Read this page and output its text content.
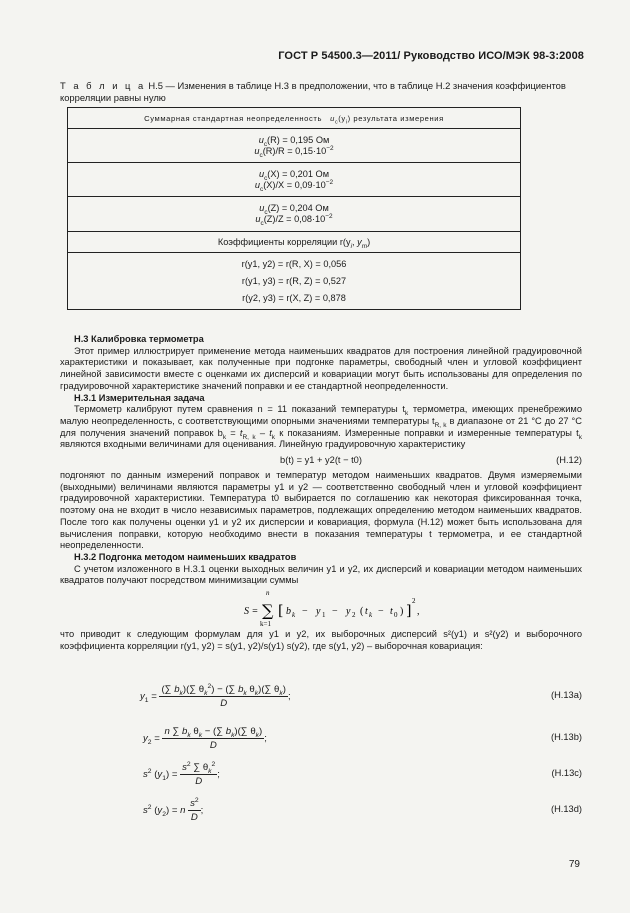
ГОСТ Р 54500.3—2011/ Руководство ИСО/МЭК 98-3:2008
Т а б л и ц а Н.5 — Изменения в таблице Н.3 в предположении, что в таблице Н.2 значения коэффициентов корреляции равны нулю
Суммарная стандартная неопределенность $u_c(y_i)$ результата измерения

$u_c(R) = 0,195$ Ом
$u_c(R)/R = 0,15\cdot 10^{-2}$

$u_c(X) = 0,201$ Ом
$u_c(X)/X = 0,09\cdot 10^{-2}$

$u_c(Z) = 0,204$ Ом
$u_c(Z)/Z = 0,08\cdot 10^{-2}$

Коэффициенты корреляции $r(y_i$, $y_m$)

r(y1, y2) = r(R, X) = 0,056
r(y1, y3) = r(R, Z) = 0,527
r(y2, y3) = r(X, Z) = 0,878
Н.3 Калибровка термометра

Этот пример иллюстрирует применение метода наименьших квадратов для построения линейной градуировочной характеристики и показывает, как полученные при подгонке параметры, свободный член и угловой коэффициент линейной зависимости вместе с оценками их дисперсий и ковариации могут быть использованы для определения по градуировочной характеристике значений поправки и ее стандартной неопределенности.

Н.3.1 Измерительная задача

Термометр калибруют путем сравнения n = 11 показаний температуры $t_k$ термометра, имеющих пренебрежимо малую неопределенность, с соответствующими опорными значениями температуры $t_{R, k}$ в диапазоне от 21 °C до 27 °C для получения значений поправок $b_k = t_{R, k} - t_k$ к показаниям. Измеренные поправки и измеренные температуры $t_k$ являются входными величинами для оценивания. Линейную градуировочную характеристику

b(t) = y1 + y2(t − t0)	(Н.12)

подгоняют по данным измерений поправок и температур методом наименьших квадратов. Двумя измеряемыми (выходными) величинами являются параметры y1 и y2 — соответственно свободный член и угловой коэффициент градуировочной характеристики. Температура t0 выбирается по соглашению как некоторая фиксированная точка, поэтому она не входит в число независимых параметров, подлежащих определению методом наименьших квадратов. После того как получены оценки y1 и y2 их дисперсии и ковариация, формула (Н.12) может быть использована для вычисления поправки, которую необходимо внести в показания температуры t термометра, и ее стандартной неопределенности.

Н.3.2 Подгонка методом наименьших квадратов

С учетом изложенного в Н.3.1 оценки выходных величин y1 и y2, их дисперсий и ковариации методом наименьших квадратов получают посредством минимизации суммы

S =
n
∑
k=1
[ b k − y 1 − y 2 ( t k − t 0 ) ]
2
,

что приводит к следующим формулам для y1 и y2, их выборочных дисперсий s²(y1) и s²(y2) и выборочного коэффициента корреляции r(y1, y2) = s(y1, y2)/s(y1) s(y2), где s(y1, y2) – выборочная ковариация:

$y_1 = \frac{(\sum b_k)(\sum \theta_k^2) - (\sum b_k \theta_k)(\sum \theta_k)}{D}$ ;	(Н.13a)
$y_2 = \frac{n \sum b_k \theta_k - (\sum b_k)(\sum \theta_k)}{D}$ ;	(Н.13b)
$s^2$ $(y_1) = \frac{s^2 \sum \theta_k^2}{D}$ ;	(Н.13c)
$s^2$ $(y_2) = n \frac{s^2}{D}$ ;	(Н.13d)
79
